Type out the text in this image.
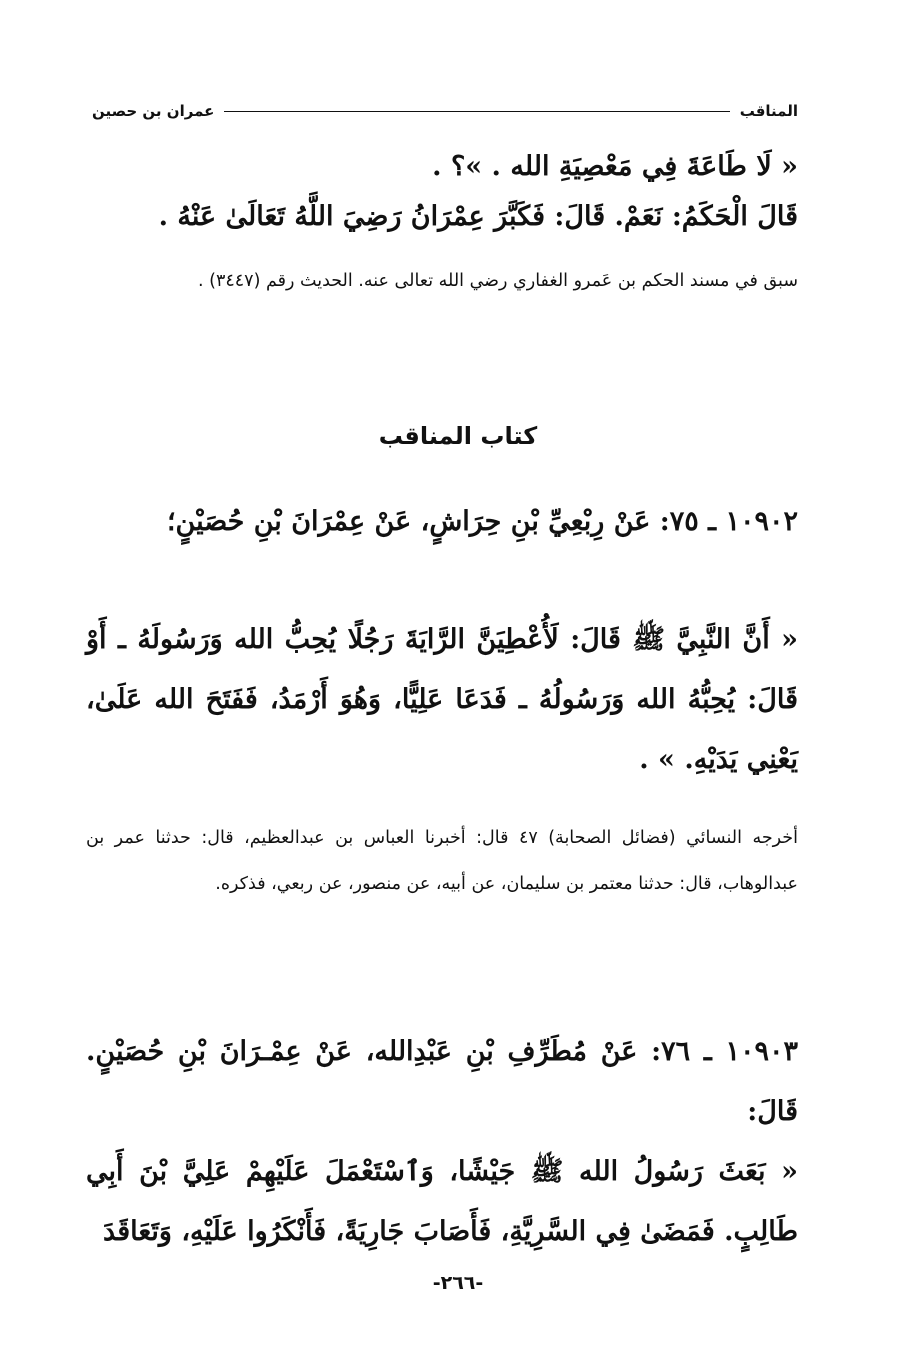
المناقب
عمران بن حصين
« لَا طَاعَةَ فِي مَعْصِيَةِ الله . »؟ .
قَالَ الْحَكَمُ: نَعَمْ. قَالَ: فَكَبَّرَ عِمْرَانُ رَضِيَ اللَّهُ تَعَالَىٰ عَنْهُ .
سبق في مسند الحكم بن عَمرو الغفاري رضي الله تعالى عنه. الحديث رقم (٣٤٤٧) .
كتاب المناقب
١٠٩٠٢ ـ ٧٥: عَنْ رِبْعِيِّ بْنِ حِرَاشٍ، عَنْ عِمْرَانَ بْنِ حُصَيْنٍ؛
« أَنَّ النَّبِيَّ ﷺ قَالَ: لَأُعْطِيَنَّ الرَّايَةَ رَجُلًا يُحِبُّ الله وَرَسُولَهُ ـ أَوْ قَالَ: يُحِبُّهُ الله وَرَسُولُهُ ـ فَدَعَا عَلِيًّا، وَهُوَ أَرْمَدُ، فَفَتَحَ الله عَلَىٰ، يَعْنِي يَدَيْهِ. » .
أخرجه النسائي (فضائل الصحابة) ٤٧ قال: أخبرنا العباس بن عبدالعظيم، قال: حدثنا عمر بن عبدالوهاب، قال: حدثنا معتمر بن سليمان، عن أبيه، عن منصور، عن ربعي، فذكره.
١٠٩٠٣ ـ ٧٦: عَنْ مُطَرِّفِ بْنِ عَبْدِالله، عَنْ عِمْـرَانَ بْنِ حُصَيْنٍ. قَالَ:
« بَعَثَ رَسُولُ الله ﷺ جَيْشًا، وَٱسْتَعْمَلَ عَلَيْهِمْ عَلِيَّ بْنَ أَبِي طَالِبٍ. فَمَضَىٰ فِي السَّرِيَّةِ، فَأَصَابَ جَارِيَةً، فَأَنْكَرُوا عَلَيْهِ، وَتَعَاقَدَ
-٢٦٦-
